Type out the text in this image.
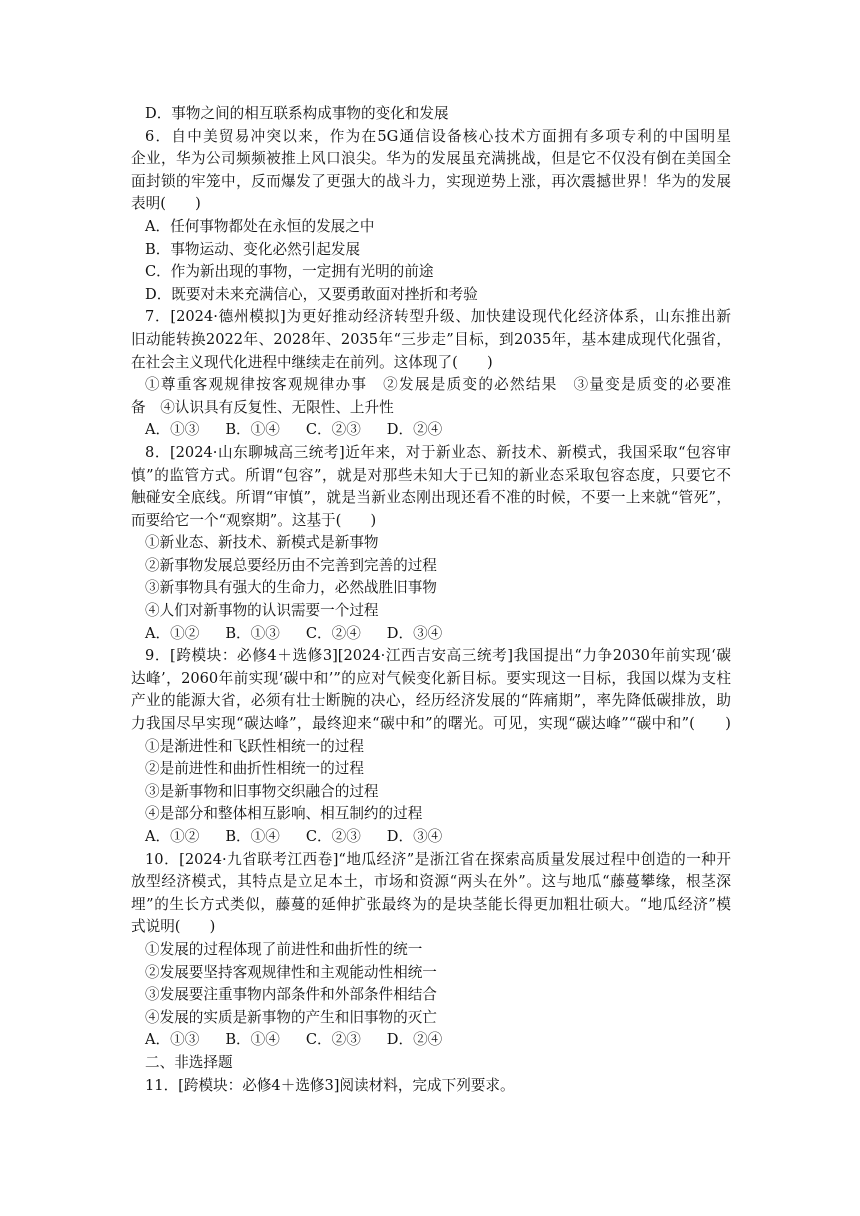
D．事物之间的相互联系构成事物的变化和发展
6．自中美贸易冲突以来，作为在5G通信设备核心技术方面拥有多项专利的中国明星
企业，华为公司频频被推上风口浪尖。华为的发展虽充满挑战，但是它不仅没有倒在美国全
面封锁的牢笼中，反而爆发了更强大的战斗力，实现逆势上涨，再次震撼世界！华为的发展
表明(　　)
A．任何事物都处在永恒的发展之中
B．事物运动、变化必然引起发展
C．作为新出现的事物，一定拥有光明的前途
D．既要对未来充满信心，又要勇敢面对挫折和考验
7．[2024·德州模拟]为更好推动经济转型升级、加快建设现代化经济体系，山东推出新
旧动能转换2022年、2028年、2035年“三步走”目标，到2035年，基本建成现代化强省，
在社会主义现代化进程中继续走在前列。这体现了(　　)
①尊重客观规律按客观规律办事　②发展是质变的必然结果　③量变是质变的必要准
备　④认识具有反复性、无限性、上升性
A．①③ B．①④ C．②③ D．②④
8．[2024·山东聊城高三统考]近年来，对于新业态、新技术、新模式，我国采取“包容审
慎”的监管方式。所谓“包容”，就是对那些未知大于已知的新业态采取包容态度，只要它不
触碰安全底线。所谓“审慎”，就是当新业态刚出现还看不准的时候，不要一上来就“管死”，
而要给它一个“观察期”。这基于(　　)
①新业态、新技术、新模式是新事物
②新事物发展总要经历由不完善到完善的过程
③新事物具有强大的生命力，必然战胜旧事物
④人们对新事物的认识需要一个过程
A．①② B．①③ C．②④ D．③④
9．[跨模块：必修4＋选修3][2024·江西吉安高三统考]我国提出“力争2030年前实现‘碳
达峰’，2060年前实现‘碳中和’”的应对气候变化新目标。要实现这一目标，我国以煤为支柱
产业的能源大省，必须有壮士断腕的决心，经历经济发展的“阵痛期”，率先降低碳排放，助
力我国尽早实现“碳达峰”，最终迎来“碳中和”的曙光。可见，实现“碳达峰”“碳中和”(　　)
①是渐进性和飞跃性相统一的过程
②是前进性和曲折性相统一的过程
③是新事物和旧事物交织融合的过程
④是部分和整体相互影响、相互制约的过程
A．①② B．①④ C．②③ D．③④
10．[2024·九省联考江西卷]“地瓜经济”是浙江省在探索高质量发展过程中创造的一种开
放型经济模式，其特点是立足本土，市场和资源“两头在外”。这与地瓜“藤蔓攀缘，根茎深
埋”的生长方式类似，藤蔓的延伸扩张最终为的是块茎能长得更加粗壮硕大。“地瓜经济”模
式说明(　　)
①发展的过程体现了前进性和曲折性的统一
②发展要坚持客观规律性和主观能动性相统一
③发展要注重事物内部条件和外部条件相结合
④发展的实质是新事物的产生和旧事物的灭亡
A．①③ B．①④ C．②③ D．②④
二、非选择题
11．[跨模块：必修4＋选修3]阅读材料，完成下列要求。
